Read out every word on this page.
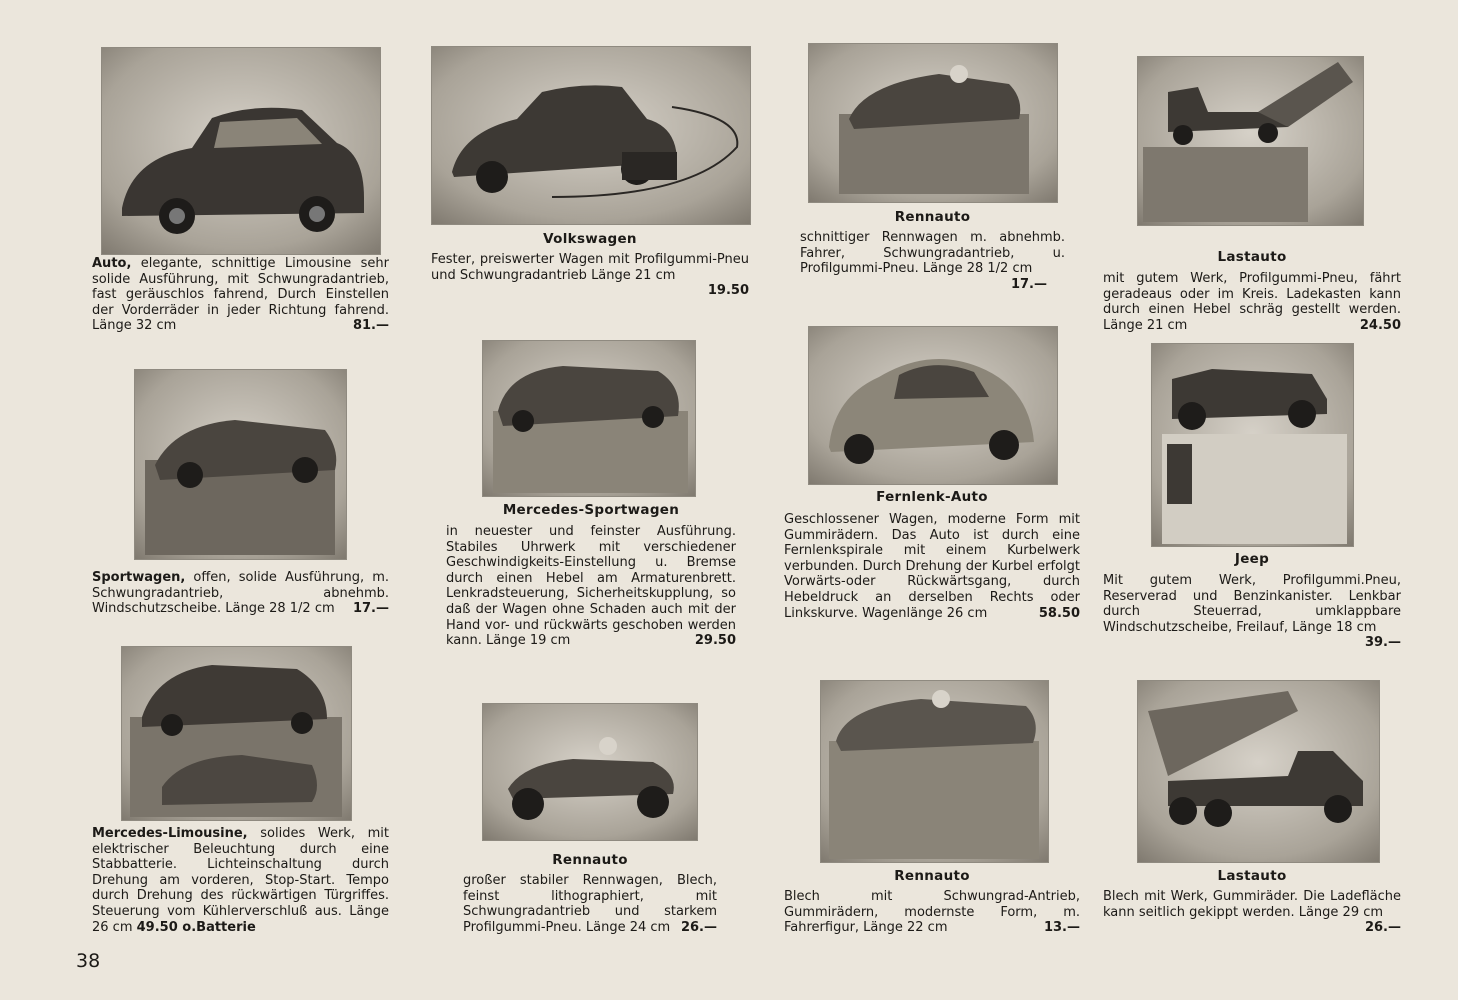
Auto, elegante, schnittige Limousine sehr solide Ausführung, mit Schwungradantrieb, fast geräuschlos fahrend, Durch Einstellen der Vorderräder in jeder Richtung fahrend. Länge 32 cm	81.—
Sportwagen, offen, solide Ausführung, m. Schwungradantrieb, abnehmb. Windschutzscheibe. Länge 28 1/2 cm 17.—
Mercedes-Limousine, solides Werk, mit elektrischer Beleuchtung durch eine Stabbatterie. Lichteinschaltung durch Drehung am vorderen, Stop-Start. Tempo durch Drehung des rückwärtigen Türgriffes. Steuerung vom Kühlerverschluß aus. Länge 26 cm 49.50 o.Batterie
Volkswagen
Fester, preiswerter Wagen mit Profilgummi-Pneu und Schwungradantrieb Länge 21 cm
19.50
Mercedes-Sportwagen
in neuester und feinster Ausführung. Stabiles Uhrwerk mit verschiedener Geschwindigkeits-Einstellung u. Bremse durch einen Hebel am Armaturenbrett. Lenkradsteuerung, Sicherheitskupplung, so daß der Wagen ohne Schaden auch mit der Hand vor- und rückwärts geschoben werden kann. Länge 19 cm	29.50
Rennauto
großer stabiler Rennwagen, Blech, feinst lithographiert, mit Schwungradantrieb und starkem Profilgummi-Pneu. Länge 24 cm 26.—
Rennauto
schnittiger Rennwagen m. abnehmb. Fahrer, Schwungradantrieb, u. Profilgummi-Pneu. Länge 28 1/2 cm
17.—
Fernlenk-Auto
Geschlossener Wagen, moderne Form mit Gummirädern. Das Auto ist durch eine Fernlenkspirale mit einem Kurbelwerk verbunden. Durch Drehung der Kurbel erfolgt Vorwärts-oder Rückwärtsgang, durch Hebeldruck an derselben Rechts oder Linkskurve. Wagenlänge 26 cm	58.50
Rennauto
Blech mit Schwungrad-Antrieb, Gummirädern, modernste Form, m. Fahrerfigur, Länge 22 cm	13.—
Lastauto
mit gutem Werk, Profilgummi-Pneu, fährt geradeaus oder im Kreis. Ladekasten kann durch einen Hebel schräg gestellt werden. Länge 21 cm	24.50
Jeep
Mit gutem Werk, Profilgummi.Pneu, Reserverad und Benzinkanister. Lenkbar durch Steuerrad, umklappbare Windschutzscheibe, Freilauf, Länge 18 cm
39.—
Lastauto
Blech mit Werk, Gummiräder. Die Ladefläche kann seitlich gekippt werden. Länge 29 cm
26.—
38
